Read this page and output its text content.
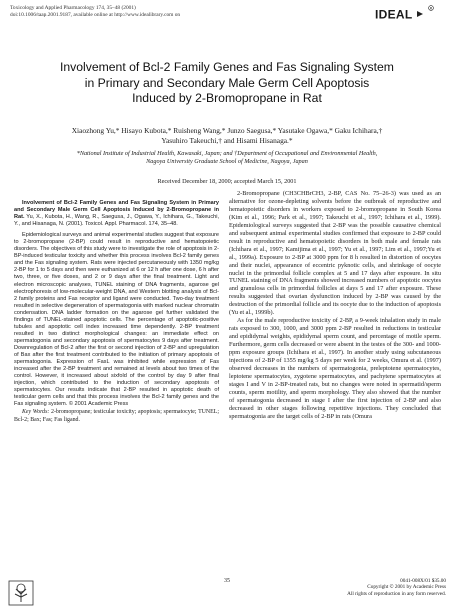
Toxicology and Applied Pharmacology 174, 35–48 (2001)
doi:10.1006/taap.2001.9187, available online at http://www.idealibrary.com on	IDEAL	R
Involvement of Bcl-2 Family Genes and Fas Signaling System
in Primary and Secondary Male Germ Cell Apoptosis
Induced by 2-Bromopropane in Rat
Xiaozhong Yu,* Hisayo Kubota,* Ruisheng Wang,* Junzo Saegusa,* Yasutake Ogawa,* Gaku Ichihara,†
Yasuhiro Takeuchi,† and Hisami Hisanaga.*
*National Institute of Industrial Health, Kawasaki, Japan; and †Department of Occupational and Environmental Health,
Nagoya University Graduate School of Medicine, Nagoya, Japan
Received December 18, 2000; accepted March 15, 2001

Involvement of Bcl-2 Family Genes and Fas Signaling System in Primary and Secondary Male Germ Cell Apoptosis Induced by 2-Bromopropane in Rat. Yu, X., Kubota, H., Wang, R., Saegusa, J., Ogawa, Y., Ichihara, G., Takeuchi, Y., and Hisanaga, N. (2001). Toxicol. Appl. Pharmacol. 174, 35–48.

Epidemiological surveys and animal experimental studies suggest that exposure to 2-bromopropane (2-BP) could result in reproductive and hematopoietic disorders. The objectives of this study were to investigate the role of apoptosis in 2-BP-induced testicular toxicity and whether this process involves Bcl-2 family genes and the Fas signaling system. Rats were injected percutaneously with 1350 mg/kg 2-BP for 1 to 5 days and then were euthanized at 6 or 12 h after one dose, 6 h after two, three, or five doses, and 2 or 9 days after the final treatment. Light and electron microscopic analyses, TUNEL staining of DNA fragments, agarose gel electrophoresis of low-molecular-weight DNA, and Western blotting analysis of Bcl-2 family proteins and Fas receptor and ligand were conducted. Two-day treatment resulted in selective degeneration of spermatogonia with marked nuclear chromatin condensation. DNA ladder formation on the agarose gel further validated the findings of TUNEL-stained apoptotic cells. The percentage of apoptotic-positive tubules and apoptotic cell index increased time dependently. 2-BP treatment resulted in two distinct morphological changes: an immediate effect on spermatogonia and secondary apoptosis of spermatocytes 9 days after treatment. Downregulation of Bcl-2 after the first or second injection of 2-BP and upregulation of Bax after the first treatment contributed to the initiation of primary apoptosis of spermatogonia. Expression of FasL was inhibited while expression of Fas increased after the 2-BP treatment and remained at levels about two times of the control. However, it increased about sixfold of the control by day 9 after final injection, which contributed to the induction of secondary apoptosis of spermatocytes. Our results indicate that 2-BP resulted in apoptotic death of testicular germ cells and that this process involves the Bcl-2 family genes and the Fas signaling system. © 2001 Academic Press

Key Words: 2-bromopropane; testicular toxicity; apoptosis; spermatocyte; TUNEL; Bcl-2; Bax; Fas; Fas ligand.

2-Bromopropane (CH3CHBrCH3, 2-BP, CAS No. 75–26-3) was used as an alternative for ozone-depleting solvents before the outbreak of reproductive and hematopoietic disorders in workers exposed to 2-bromopropane in South Korea (Kim et al., 1996; Park et al., 1997; Takeuchi et al., 1997; Ichihara et al., 1999). Epidemiological surveys suggested that 2-BP was the possible causative chemical and subsequent animal experimental studies confirmed that exposure to 2-BP could result in reproductive and hematopoietic disorders in both male and female rats (Ichihara et al., 1997; Kamijima et al., 1997; Yu et al., 1997; Lim et al., 1997;Yu et al., 1999a). Exposure to 2-BP at 3000 ppm for 8 h resulted in distortion of oocytes and their nuclei, appearance of eccentric pyknotic cells, and shrinkage of oocyte nuclei in the primordial follicle complex at 5 and 17 days after exposure. In situ TUNEL staining of DNA fragments showed increased numbers of apoptotic oocytes and granulosa cells in primordial follicles at days 5 and 17 after exposure. These results suggested that ovarian dysfunction induced by 2-BP was caused by the destruction of the primordial follicle and its oocyte due to the induction of apoptosis (Yu et al., 1999b).

As for the male reproductive toxicity of 2-BP, a 9-week inhalation study in male rats exposed to 300, 1000, and 3000 ppm 2-BP resulted in reductions in testicular and epididymal weights, epididymal sperm count, and percentage of motile sperm. Furthermore, germ cells decreased or were absent in the testes of the 300- and 1000-ppm exposure groups (Ichihara et al., 1997). In another study using subcutaneous injections of 2-BP of 1355 mg/kg 5 days per week for 2 weeks, Omura et al. (1997) observed decreases in the numbers of spermatogonia, preleptotene spermatocytes, leptotene spermatocytes, zygotene spermatocytes, and pachytene spermatocytes at stages I and V in 2-BP-treated rats, but no changes were noted in spermatid/sperm counts, sperm motility, and sperm morphology. They also showed that the number of spermatogonia decreased in stage I after the first injection of 2-BP and also decreased in other stages following repetitive injections. They concluded that spermatogonia are the target cells of 2-BP in rats (Omura

35	0041-008X/01 $35.00
Copyright © 2001 by Academic Press
All rights of reproduction in any form reserved.
